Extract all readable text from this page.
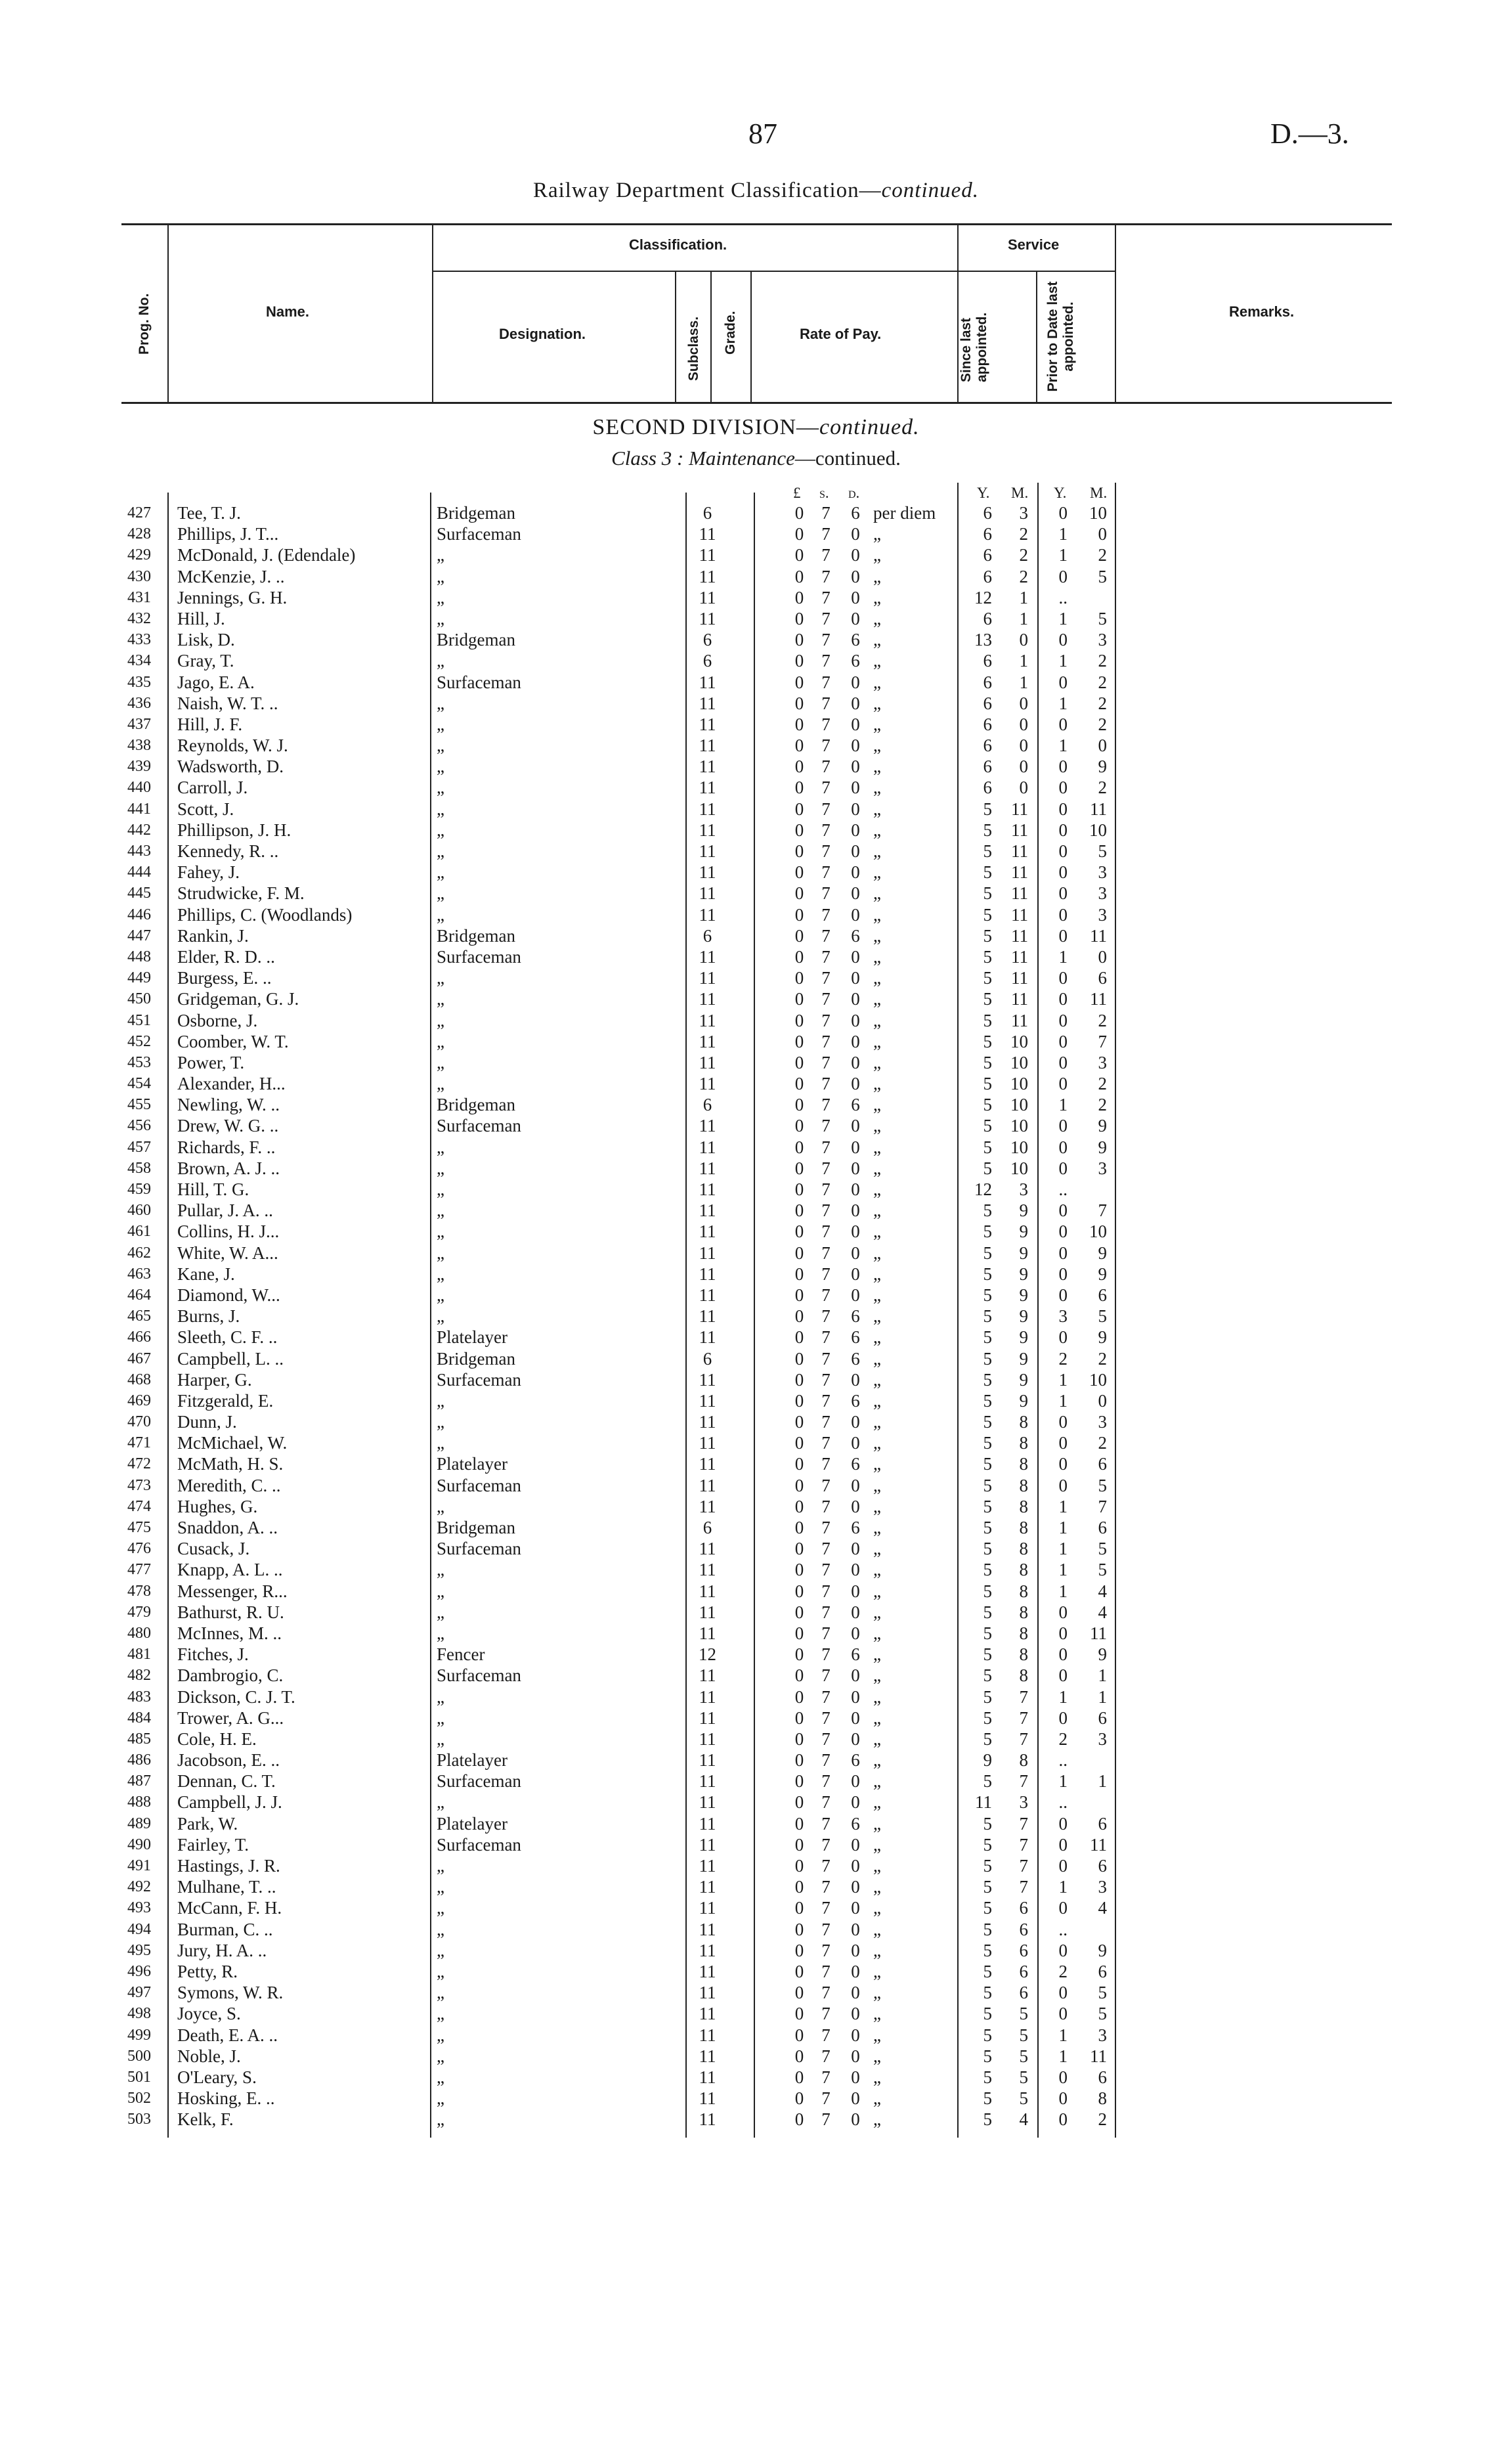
87	D.—3.
Railway Department Classification—continued.
Prog. No.	Name.
Classification.
Designation.	Subclass. Grade.	Rate of Pay.
Service
Since last appointed.	Prior to Date last appointed.	Remarks.
SECOND DIVISION—continued.
Class 3 : Maintenance—continued.
£ s. d.	Y. M. Y. M.
427 Tee, T. J.	Bridgeman	6	0	7	6 per diem	6	3	0	10
428 Phillips, J. T...	Surfaceman	11	0	7	0 „	6	2	1	0
429 McDonald, J. (Edendale)	„	11	0	7	0 „	6	2	1	2
430 McKenzie, J. ..	„	11	0	7	0 „	6	2	0	5
431 Jennings, G. H.	„	11	0	7	0 „	12	1	..
432 Hill, J.	„	11	0	7	0 „	6	1	1	5
433 Lisk, D.	Bridgeman	6	0	7	6 „	13	0	0	3
434 Gray, T.	„	6	0	7	6 „	6	1	1	2
435 Jago, E. A.	Surfaceman	11	0	7	0 „	6	1	0	2
436 Naish, W. T. ..	„	11	0	7	0 „	6	0	1	2
437 Hill, J. F.	„	11	0	7	0 „	6	0	0	2
438 Reynolds, W. J.	„	11	0	7	0 „	6	0	1	0
439 Wadsworth, D.	„	11	0	7	0 „	6	0	0	9
440 Carroll, J.	„	11	0	7	0 „	6	0	0	2
441 Scott, J.	„	11	0	7	0 „	5	11	0	11
442 Phillipson, J. H.	„	11	0	7	0 „	5	11	0	10
443 Kennedy, R. ..	„	11	0	7	0 „	5	11	0	5
444 Fahey, J.	„	11	0	7	0 „	5	11	0	3
445 Strudwicke, F. M.	„	11	0	7	0 „	5	11	0	3
446 Phillips, C. (Woodlands)	„	11	0	7	0 „	5	11	0	3
447 Rankin, J.	Bridgeman	6	0	7	6 „	5	11	0	11
448 Elder, R. D. ..	Surfaceman	11	0	7	0 „	5	11	1	0
449 Burgess, E. ..	„	11	0	7	0 „	5	11	0	6
450 Gridgeman, G. J.	„	11	0	7	0 „	5	11	0	11
451 Osborne, J.	„	11	0	7	0 „	5	11	0	2
452 Coomber, W. T.	„	11	0	7	0 „	5	10	0	7
453 Power, T.	„	11	0	7	0 „	5	10	0	3
454 Alexander, H...	„	11	0	7	0 „	5	10	0	2
455 Newling, W. ..	Bridgeman	6	0	7	6 „	5	10	1	2
456 Drew, W. G. ..	Surfaceman	11	0	7	0 „	5	10	0	9
457 Richards, F. ..	„	11	0	7	0 „	5	10	0	9
458 Brown, A. J. ..	„	11	0	7	0 „	5	10	0	3
459 Hill, T. G.	„	11	0	7	0 „	12	3	..
460 Pullar, J. A. ..	„	11	0	7	0 „	5	9	0	7
461 Collins, H. J...	„	11	0	7	0 „	5	9	0	10
462 White, W. A...	„	11	0	7	0 „	5	9	0	9
463 Kane, J.	„	11	0	7	0 „	5	9	0	9
464 Diamond, W...	„	11	0	7	0 „	5	9	0	6
465 Burns, J.	„	11	0	7	6 „	5	9	3	5
466 Sleeth, C. F. ..	Platelayer	11	0	7	6 „	5	9	0	9
467 Campbell, L. ..	Bridgeman	6	0	7	6 „	5	9	2	2
468 Harper, G.	Surfaceman	11	0	7	0 „	5	9	1	10
469 Fitzgerald, E.	„	11	0	7	6 „	5	9	1	0
470 Dunn, J.	„	11	0	7	0 „	5	8	0	3
471 McMichael, W.	„	11	0	7	0 „	5	8	0	2
472 McMath, H. S.	Platelayer	11	0	7	6 „	5	8	0	6
473 Meredith, C. ..	Surfaceman	11	0	7	0 „	5	8	0	5
474 Hughes, G.	„	11	0	7	0 „	5	8	1	7
475 Snaddon, A. ..	Bridgeman	6	0	7	6 „	5	8	1	6
476 Cusack, J.	Surfaceman	11	0	7	0 „	5	8	1	5
477 Knapp, A. L. ..	„	11	0	7	0 „	5	8	1	5
478 Messenger, R...	„	11	0	7	0 „	5	8	1	4
479 Bathurst, R. U.	„	11	0	7	0 „	5	8	0	4
480 McInnes, M. ..	„	11	0	7	0 „	5	8	0	11
481 Fitches, J.	Fencer	12	0	7	6 „	5	8	0	9
482 Dambrogio, C.	Surfaceman	11	0	7	0 „	5	8	0	1
483 Dickson, C. J. T.	„	11	0	7	0 „	5	7	1	1
484 Trower, A. G...	„	11	0	7	0 „	5	7	0	6
485 Cole, H. E.	„	11	0	7	0 „	5	7	2	3
486 Jacobson, E. ..	Platelayer	11	0	7	6 „	9	8	..
487 Dennan, C. T.	Surfaceman	11	0	7	0 „	5	7	1	1
488 Campbell, J. J.	„	11	0	7	0 „	11	3	..
489 Park, W.	Platelayer	11	0	7	6 „	5	7	0	6
490 Fairley, T.	Surfaceman	11	0	7	0 „	5	7	0	11
491 Hastings, J. R.	„	11	0	7	0 „	5	7	0	6
492 Mulhane, T. ..	„	11	0	7	0 „	5	7	1	3
493 McCann, F. H.	„	11	0	7	0 „	5	6	0	4
494 Burman, C. ..	„	11	0	7	0 „	5	6	..
495 Jury, H. A. ..	„	11	0	7	0 „	5	6	0	9
496 Petty, R.	„	11	0	7	0 „	5	6	2	6
497 Symons, W. R.	„	11	0	7	0 „	5	6	0	5
498 Joyce, S.	„	11	0	7	0 „	5	5	0	5
499 Death, E. A. ..	„	11	0	7	0 „	5	5	1	3
500 Noble, J.	„	11	0	7	0 „	5	5	1	11
501 O'Leary, S.	„	11	0	7	0 „	5	5	0	6
502 Hosking, E. ..	„	11	0	7	0 „	5	5	0	8
503 Kelk, F.	„	11	0	7	0 „	5	4	0	2
